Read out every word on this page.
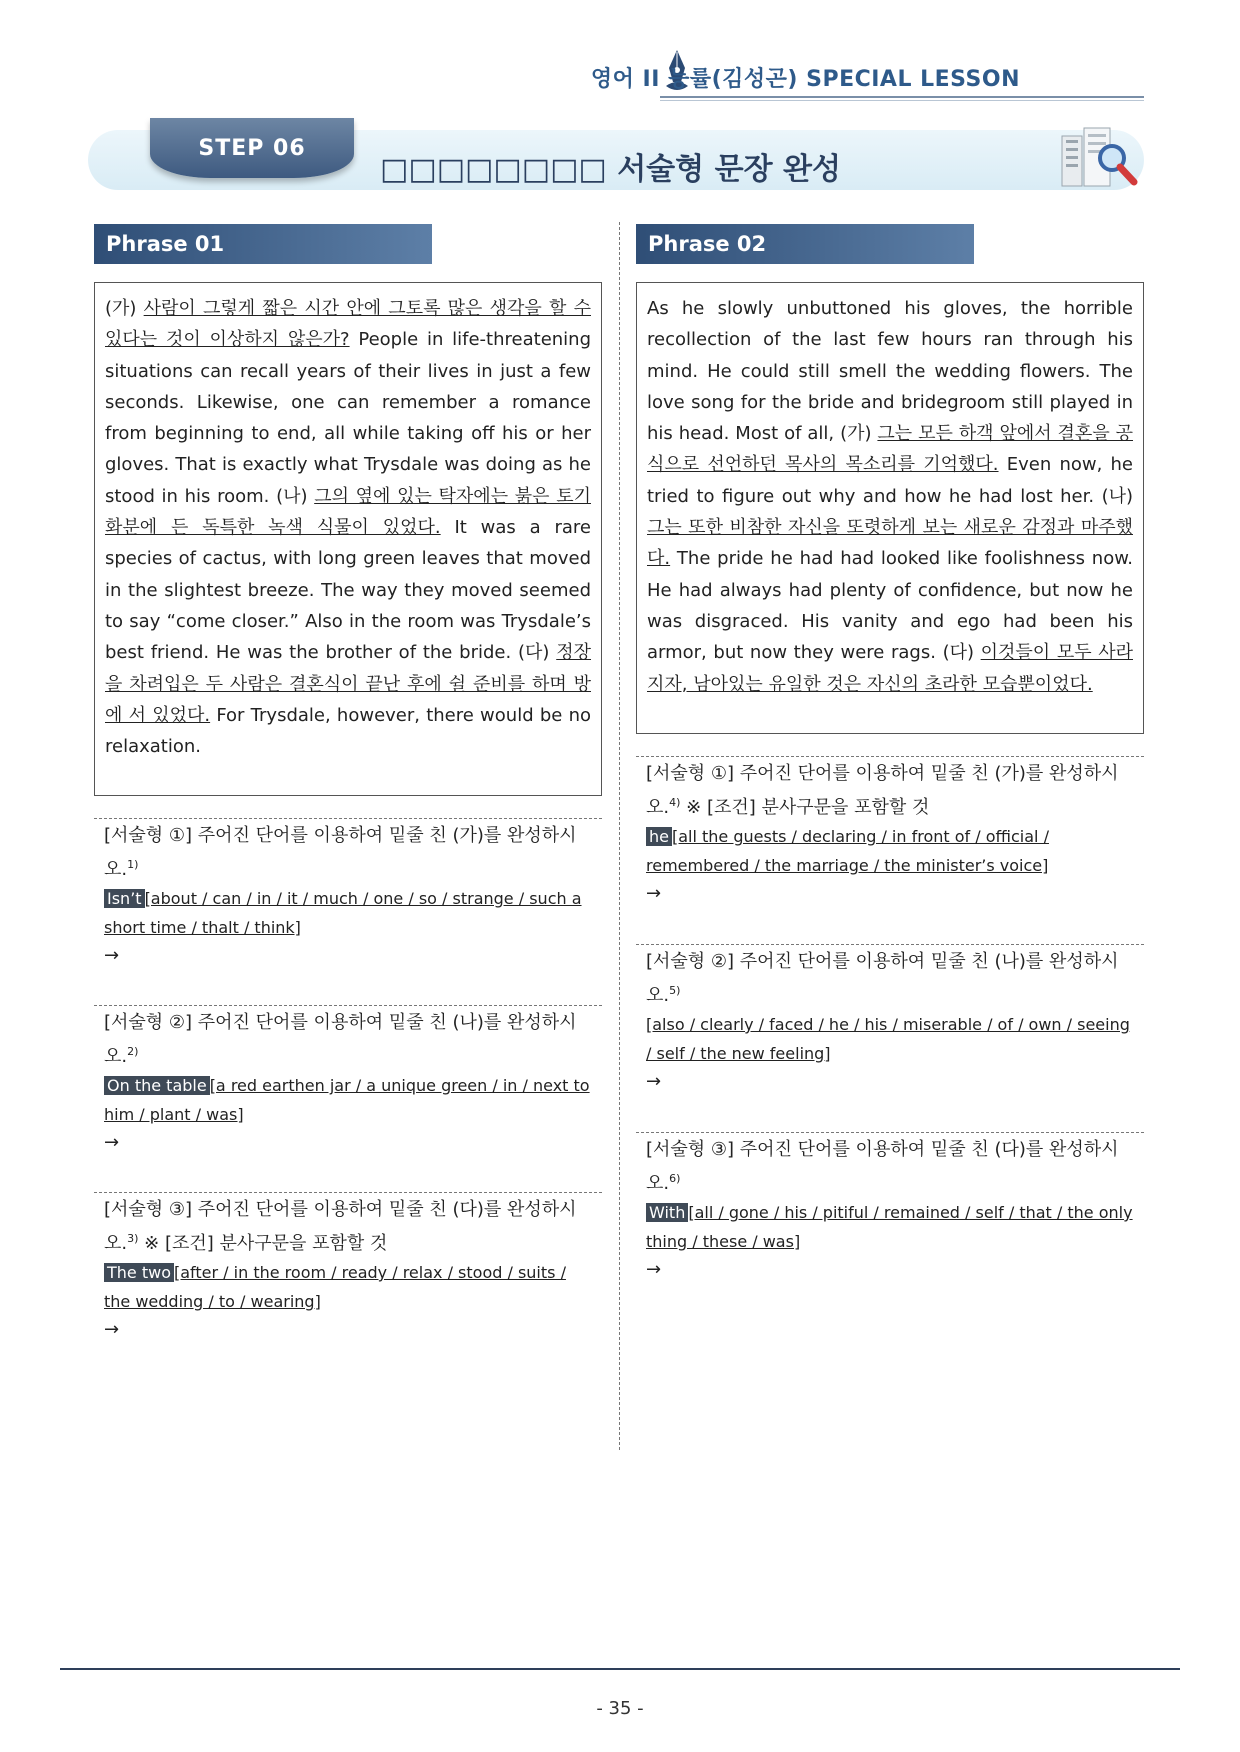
영어 II 능률(김성곤) SPECIAL LESSON
STEP 06
□□□□□□□□ 서술형 문장 완성
Phrase 01
(가) 사람이 그렇게 짧은 시간 안에 그토록 많은 생각을 할 수 있다는 것이 이상하지 않은가? People in life-threatening situations can recall years of their lives in just a few seconds. Likewise, one can remember a romance from beginning to end, all while taking off his or her gloves. That is exactly what Trysdale was doing as he stood in his room. (나) 그의 옆에 있는 탁자에는 붉은 토기 화분에 든 독특한 녹색 식물이 있었다. It was a rare species of cactus, with long green leaves that moved in the slightest breeze. The way they moved seemed to say “come closer.” Also in the room was Trysdale’s best friend. He was the brother of the bride. (다) 정장을 차려입은 두 사람은 결혼식이 끝난 후에 쉴 준비를 하며 방에 서 있었다. For Trysdale, however, there would be no relaxation.
[서술형 ①] 주어진 단어를 이용하여 밑줄 친 (가)를 완성하시오.$^{1)}$
Isn’t [about / can / in / it / much / one / so / strange / such a short time / thalt / think]
→
[서술형 ②] 주어진 단어를 이용하여 밑줄 친 (나)를 완성하시오.$^{2)}$
On the table [a red earthen jar / a unique green / in / next to him / plant / was]
→
[서술형 ③] 주어진 단어를 이용하여 밑줄 친 (다)를 완성하시오.$^{3)}$ ※ [조건] 분사구문을 포함할 것
The two [after / in the room / ready / relax / stood / suits / the wedding / to / wearing]
→
Phrase 02
As he slowly unbuttoned his gloves, the horrible recollection of the last few hours ran through his mind. He could still smell the wedding flowers. The love song for the bride and bridegroom still played in his head. Most of all, (가) 그는 모든 하객 앞에서 결혼을 공식으로 선언하던 목사의 목소리를 기억했다. Even now, he tried to figure out why and how he had lost her. (나) 그는 또한 비참한 자신을 또렷하게 보는 새로운 감정과 마주했다. The pride he had had looked like foolishness now. He had always had plenty of confidence, but now he was disgraced. His vanity and ego had been his armor, but now they were rags. (다) 이것들이 모두 사라지자, 남아있는 유일한 것은 자신의 초라한 모습뿐이었다.
[서술형 ①] 주어진 단어를 이용하여 밑줄 친 (가)를 완성하시오.$^{4)}$ ※ [조건] 분사구문을 포함할 것
he [all the guests / declaring / in front of / official / remembered / the marriage / the minister’s voice]
→
[서술형 ②] 주어진 단어를 이용하여 밑줄 친 (나)를 완성하시오.$^{5)}$
[also / clearly / faced / he / his / miserable / of / own / seeing / self / the new feeling]
→
[서술형 ③] 주어진 단어를 이용하여 밑줄 친 (다)를 완성하시오.$^{6)}$
With [all / gone / his / pitiful / remained / self / that / the only thing / these / was]
→
- 35 -
